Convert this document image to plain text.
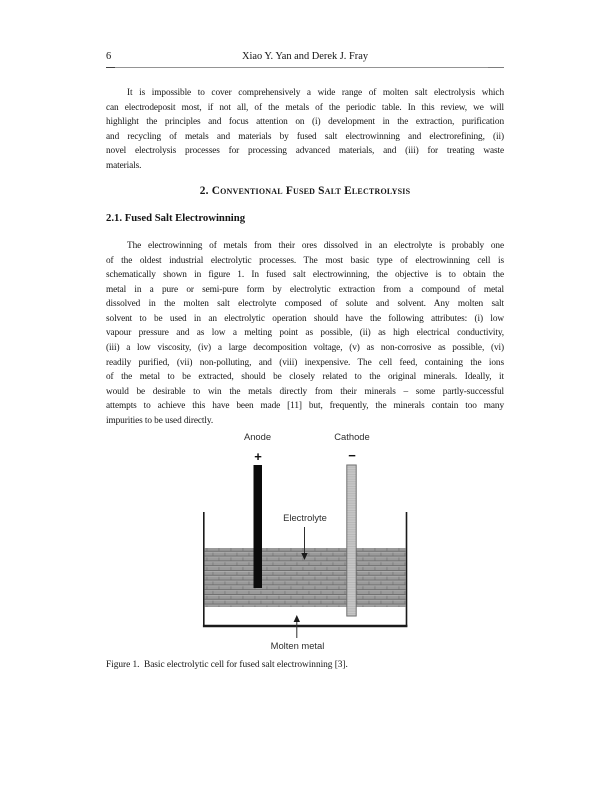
6	Xiao Y. Yan and Derek J. Fray
It is impossible to cover comprehensively a wide range of molten salt electrolysis which
can electrodeposit most, if not all, of the metals of the periodic table. In this review, we will
highlight the principles and focus attention on (i) development in the extraction, purification
and recycling of metals and materials by fused salt electrowinning and electrorefining, (ii)
novel electrolysis processes for processing advanced materials, and (iii) for treating waste
materials.
2. Conventional Fused Salt Electrolysis
2.1. Fused Salt Electrowinning
The electrowinning of metals from their ores dissolved in an electrolyte is probably one
of the oldest industrial electrolytic processes. The most basic type of electrowinning cell is
schematically shown in figure 1. In fused salt electrowinning, the objective is to obtain the
metal in a pure or semi-pure form by electrolytic extraction from a compound of metal
dissolved in the molten salt electrolyte composed of solute and solvent. Any molten salt
solvent to be used in an electrolytic operation should have the following attributes: (i) low
vapour pressure and as low a melting point as possible, (ii) as high electrical conductivity,
(iii) a low viscosity, (iv) a large decomposition voltage, (v) as non-corrosive as possible, (vi)
readily purified, (vii) non-polluting, and (viii) inexpensive. The cell feed, containing the ions
of the metal to be extracted, should be closely related to the original minerals. Ideally, it
would be desirable to win the metals directly from their minerals – some partly-successful
attempts to achieve this have been made [11] but, frequently, the minerals contain too many
impurities to be used directly.
Anode	Cathode
+	−
Electrolyte
Molten metal
Figure 1.  Basic electrolytic cell for fused salt electrowinning [3].
